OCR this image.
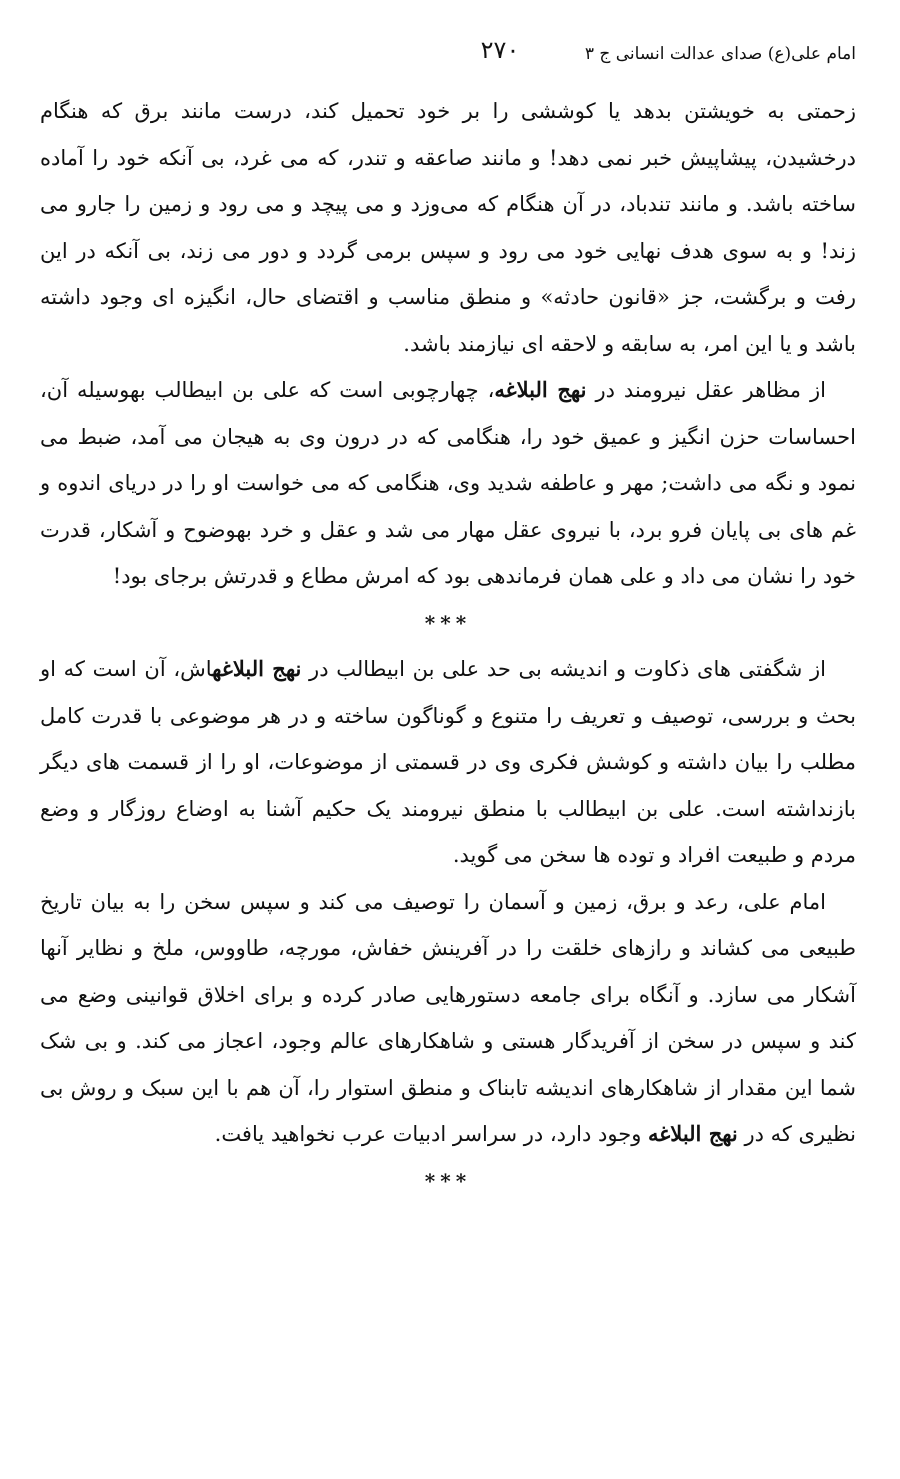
امام علی(ع) صدای عدالت انسانی ج ۳
۲۷۰

زحمتی به خویشتن بدهد یا کوششی را بر خود تحمیل کند، درست مانند برق که هنگام درخشیدن، پیشاپیش خبر نمی دهد! و مانند صاعقه و تندر، که می غرد، بی آنکه خود را آماده ساخته باشد. و مانند تندباد، در آن هنگام که می‌وزد و می پیچد و می رود و زمین را جارو می زند! و به سوی هدف نهایی خود می رود و سپس برمی گردد و دور می زند، بی آنکه در این رفت و برگشت، جز «قانون حادثه» و منطق مناسب و اقتضای حال، انگیزه ای وجود داشته باشد و یا این امر، به سابقه و لاحقه ای نیازمند باشد.

از مظاهر عقل نیرومند در نهج البلاغه، چهارچوبی است که علی بن ابیطالب بهوسیله آن، احساسات حزن انگیز و عمیق خود را، هنگامی که در درون وی به هیجان می آمد، ضبط می نمود و نگه می داشت; مهر و عاطفه شدید وی، هنگامی که می خواست او را در دریای اندوه و غم های بی پایان فرو برد، با نیروی عقل مهار می شد و عقل و خرد بهوضوح و آشکار، قدرت خود را نشان می داد و علی همان فرماندهی بود که امرش مطاع و قدرتش برجای بود!

***

از شگفتی های ذکاوت و اندیشه بی حد علی بن ابیطالب در نهج البلاغهاش، آن است که او بحث و بررسی، توصیف و تعریف را متنوع و گوناگون ساخته و در هر موضوعی با قدرت کامل مطلب را بیان داشته و کوشش فکری وی در قسمتی از موضوعات، او را از قسمت های دیگر بازنداشته است. علی بن ابیطالب با منطق نیرومند یک حکیم آشنا به اوضاع روزگار و وضع مردم و طبیعت افراد و توده ها سخن می گوید.

امام علی، رعد و برق، زمین و آسمان را توصیف می کند و سپس سخن را به بیان تاریخ طبیعی می کشاند و رازهای خلقت را در آفرینش خفاش، مورچه، طاووس، ملخ و نظایر آنها آشکار می سازد. و آنگاه برای جامعه دستورهایی صادر کرده و برای اخلاق قوانینی وضع می کند و سپس در سخن از آفریدگار هستی و شاهکارهای عالم وجود، اعجاز می کند. و بی شک شما این مقدار از شاهکارهای اندیشه تابناک و منطق استوار را، آن هم با این سبک و روش بی نظیری که در نهج البلاغه وجود دارد، در سراسر ادبیات عرب نخواهید یافت.

***
